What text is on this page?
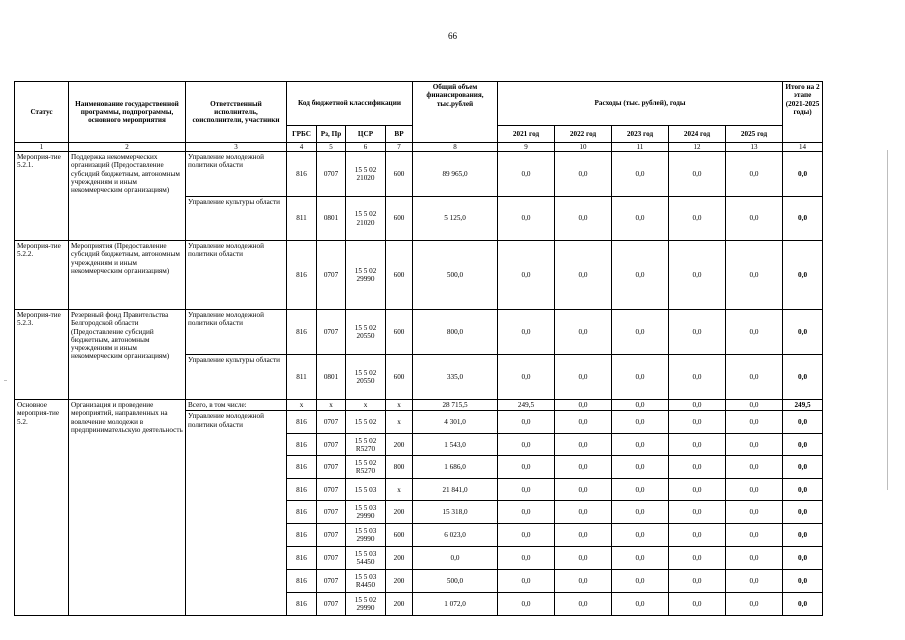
66
Статус	Наименование государственной программы, подпрограммы, основного мероприятия	Ответственный исполнитель, соисполнители, участники	Код бюджетной классификации				Общий объем финансирования, тыс.рублей	Расходы (тыс. рублей), годы					Итого на 2 этапе (2021-2025 годы)
			ГРБС	Рз, Пр	ЦСР	ВР		2021 год	2022 год	2023 год	2024 год	2025 год	
1	2	3	4	5	6	7	8	9	10	11	12	13	14
Мероприя-тие 5.2.1.	Поддержка некоммерческих организаций (Предоставление субсидий бюджетным, автономным учреждениям и иным некоммерческим организациям)	Управление молодежной политики области	816	0707	15 5 02 21020	600	89 965,0	0,0	0,0	0,0	0,0	0,0	0,0
		Управление культуры области	811	0801	15 5 02 21020	600	5 125,0	0,0	0,0	0,0	0,0	0,0	0,0
Мероприя-тие 5.2.2.	Мероприятия (Предоставление субсидий бюджетным, автономным учреждениям и иным некоммерческим организациям)	Управление молодежной политики области	816	0707	15 5 02 29990	600	500,0	0,0	0,0	0,0	0,0	0,0	0,0
Мероприя-тие 5.2.3.	Резервный фонд Правительства Белгородской области (Предоставление субсидий бюджетным, автономным учреждениям и иным некоммерческим организациям)	Управление молодежной политики области	816	0707	15 5 02 20550	600	800,0	0,0	0,0	0,0	0,0	0,0	0,0
		Управление культуры области	811	0801	15 5 02 20550	600	335,0	0,0	0,0	0,0	0,0	0,0	0,0
Основное мероприя-тие 5.2.	Организация и проведение мероприятий, направленных на вовлечение молодежи в предпринимательскую деятельность	Всего, в том числе:	x	x	x	x	28 715,5	249,5	0,0	0,0	0,0	0,0	249,5
		Управление молодежной политики области	816	0707	15 5 02	x	4 301,0	0,0	0,0	0,0	0,0	0,0	0,0
			816	0707	15 5 02 R5270	200	1 543,0	0,0	0,0	0,0	0,0	0,0	0,0
			816	0707	15 5 02 R5270	800	1 686,0	0,0	0,0	0,0	0,0	0,0	0,0
			816	0707	15 5 03	x	21 841,0	0,0	0,0	0,0	0,0	0,0	0,0
			816	0707	15 5 03 29990	200	15 318,0	0,0	0,0	0,0	0,0	0,0	0,0
			816	0707	15 5 03 29990	600	6 023,0	0,0	0,0	0,0	0,0	0,0	0,0
			816	0707	15 5 03 54450	200	0,0	0,0	0,0	0,0	0,0	0,0	0,0
			816	0707	15 5 03 R4450	200	500,0	0,0	0,0	0,0	0,0	0,0	0,0
			816	0707	15 5 02 29990	200	1 072,0	0,0	0,0	0,0	0,0	0,0	0,0
